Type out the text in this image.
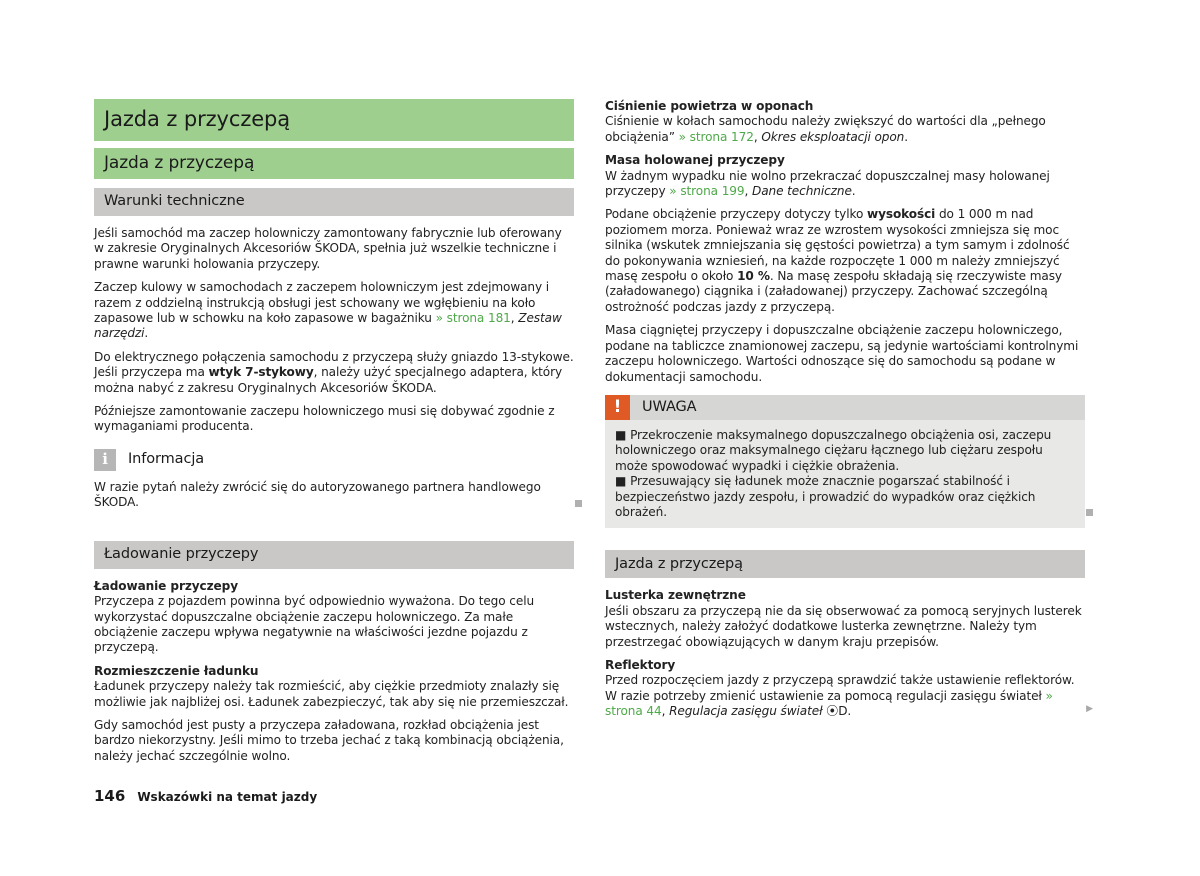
Jazda z przyczepą
Jazda z przyczepą
Warunki techniczne

Jeśli samochód ma zaczep holowniczy zamontowany fabrycznie lub oferowany w zakresie Oryginalnych Akcesoriów ŠKODA, spełnia już wszelkie techniczne i prawne warunki holowania przyczepy.

Zaczep kulowy w samochodach z zaczepem holowniczym jest zdejmowany i razem z oddzielną instrukcją obsługi jest schowany we wgłębieniu na koło zapasowe lub w schowku na koło zapasowe w bagażniku » strona 181, Zestaw narzędzi.

Do elektrycznego połączenia samochodu z przyczepą służy gniazdo 13-stykowe. Jeśli przyczepa ma wtyk 7-stykowy, należy użyć specjalnego adaptera, który można nabyć z zakresu Oryginalnych Akcesoriów ŠKODA.

Późniejsze zamontowanie zaczepu holowniczego musi się dobywać zgodnie z wymaganiami producenta.

i	Informacja

W razie pytań należy zwrócić się do autoryzowanego partnera handlowego ŠKODA.

Ładowanie przyczepy

Ładowanie przyczepy

Przyczepa z pojazdem powinna być odpowiednio wyważona. Do tego celu wykorzystać dopuszczalne obciążenie zaczepu holowniczego. Za małe obciążenie zaczepu wpływa negatywnie na właściwości jezdne pojazdu z przyczepą.

Rozmieszczenie ładunku

Ładunek przyczepy należy tak rozmieścić, aby ciężkie przedmioty znalazły się możliwie jak najbliżej osi. Ładunek zabezpieczyć, tak aby się nie przemieszczał.

Gdy samochód jest pusty a przyczepa załadowana, rozkład obciążenia jest bardzo niekorzystny. Jeśli mimo to trzeba jechać z taką kombinacją obciążenia, należy jechać szczególnie wolno.

Ciśnienie powietrza w oponach

Ciśnienie w kołach samochodu należy zwiększyć do wartości dla „pełnego obciążenia” » strona 172, Okres eksploatacji opon.

Masa holowanej przyczepy

W żadnym wypadku nie wolno przekraczać dopuszczalnej masy holowanej przyczepy » strona 199, Dane techniczne.

Podane obciążenie przyczepy dotyczy tylko wysokości do 1 000 m nad poziomem morza. Ponieważ wraz ze wzrostem wysokości zmniejsza się moc silnika (wskutek zmniejszania się gęstości powietrza) a tym samym i zdolność do pokonywania wzniesień, na każde rozpoczęte 1 000 m należy zmniejszyć masę zespołu o około 10 %. Na masę zespołu składają się rzeczywiste masy (załadowanego) ciągnika i (załadowanej) przyczepy. Zachować szczególną ostrożność podczas jazdy z przyczepą.

Masa ciągniętej przyczepy i dopuszczalne obciążenie zaczepu holowniczego, podane na tabliczce znamionowej zaczepu, są jedynie wartościami kontrolnymi zaczepu holowniczego. Wartości odnoszące się do samochodu są podane w dokumentacji samochodu.

!	UWAGA

■ Przekroczenie maksymalnego dopuszczalnego obciążenia osi, zaczepu holowniczego oraz maksymalnego ciężaru łącznego lub ciężaru zespołu może spowodować wypadki i ciężkie obrażenia.

■ Przesuwający się ładunek może znacznie pogarszać stabilność i bezpieczeństwo jazdy zespołu, i prowadzić do wypadków oraz ciężkich obrażeń.

Jazda z przyczepą

Lusterka zewnętrzne

Jeśli obszaru za przyczepą nie da się obserwować za pomocą seryjnych lusterek wstecznych, należy założyć dodatkowe lusterka zewnętrzne. Należy tym przestrzegać obowiązujących w danym kraju przepisów.

Reflektory

Przed rozpoczęciem jazdy z przyczepą sprawdzić także ustawienie reflektorów. W razie potrzeby zmienić ustawienie za pomocą regulacji zasięgu świateł » strona 44, Regulacja zasięgu świateł ⦿D.	▶

146 Wskazówki na temat jazdy
